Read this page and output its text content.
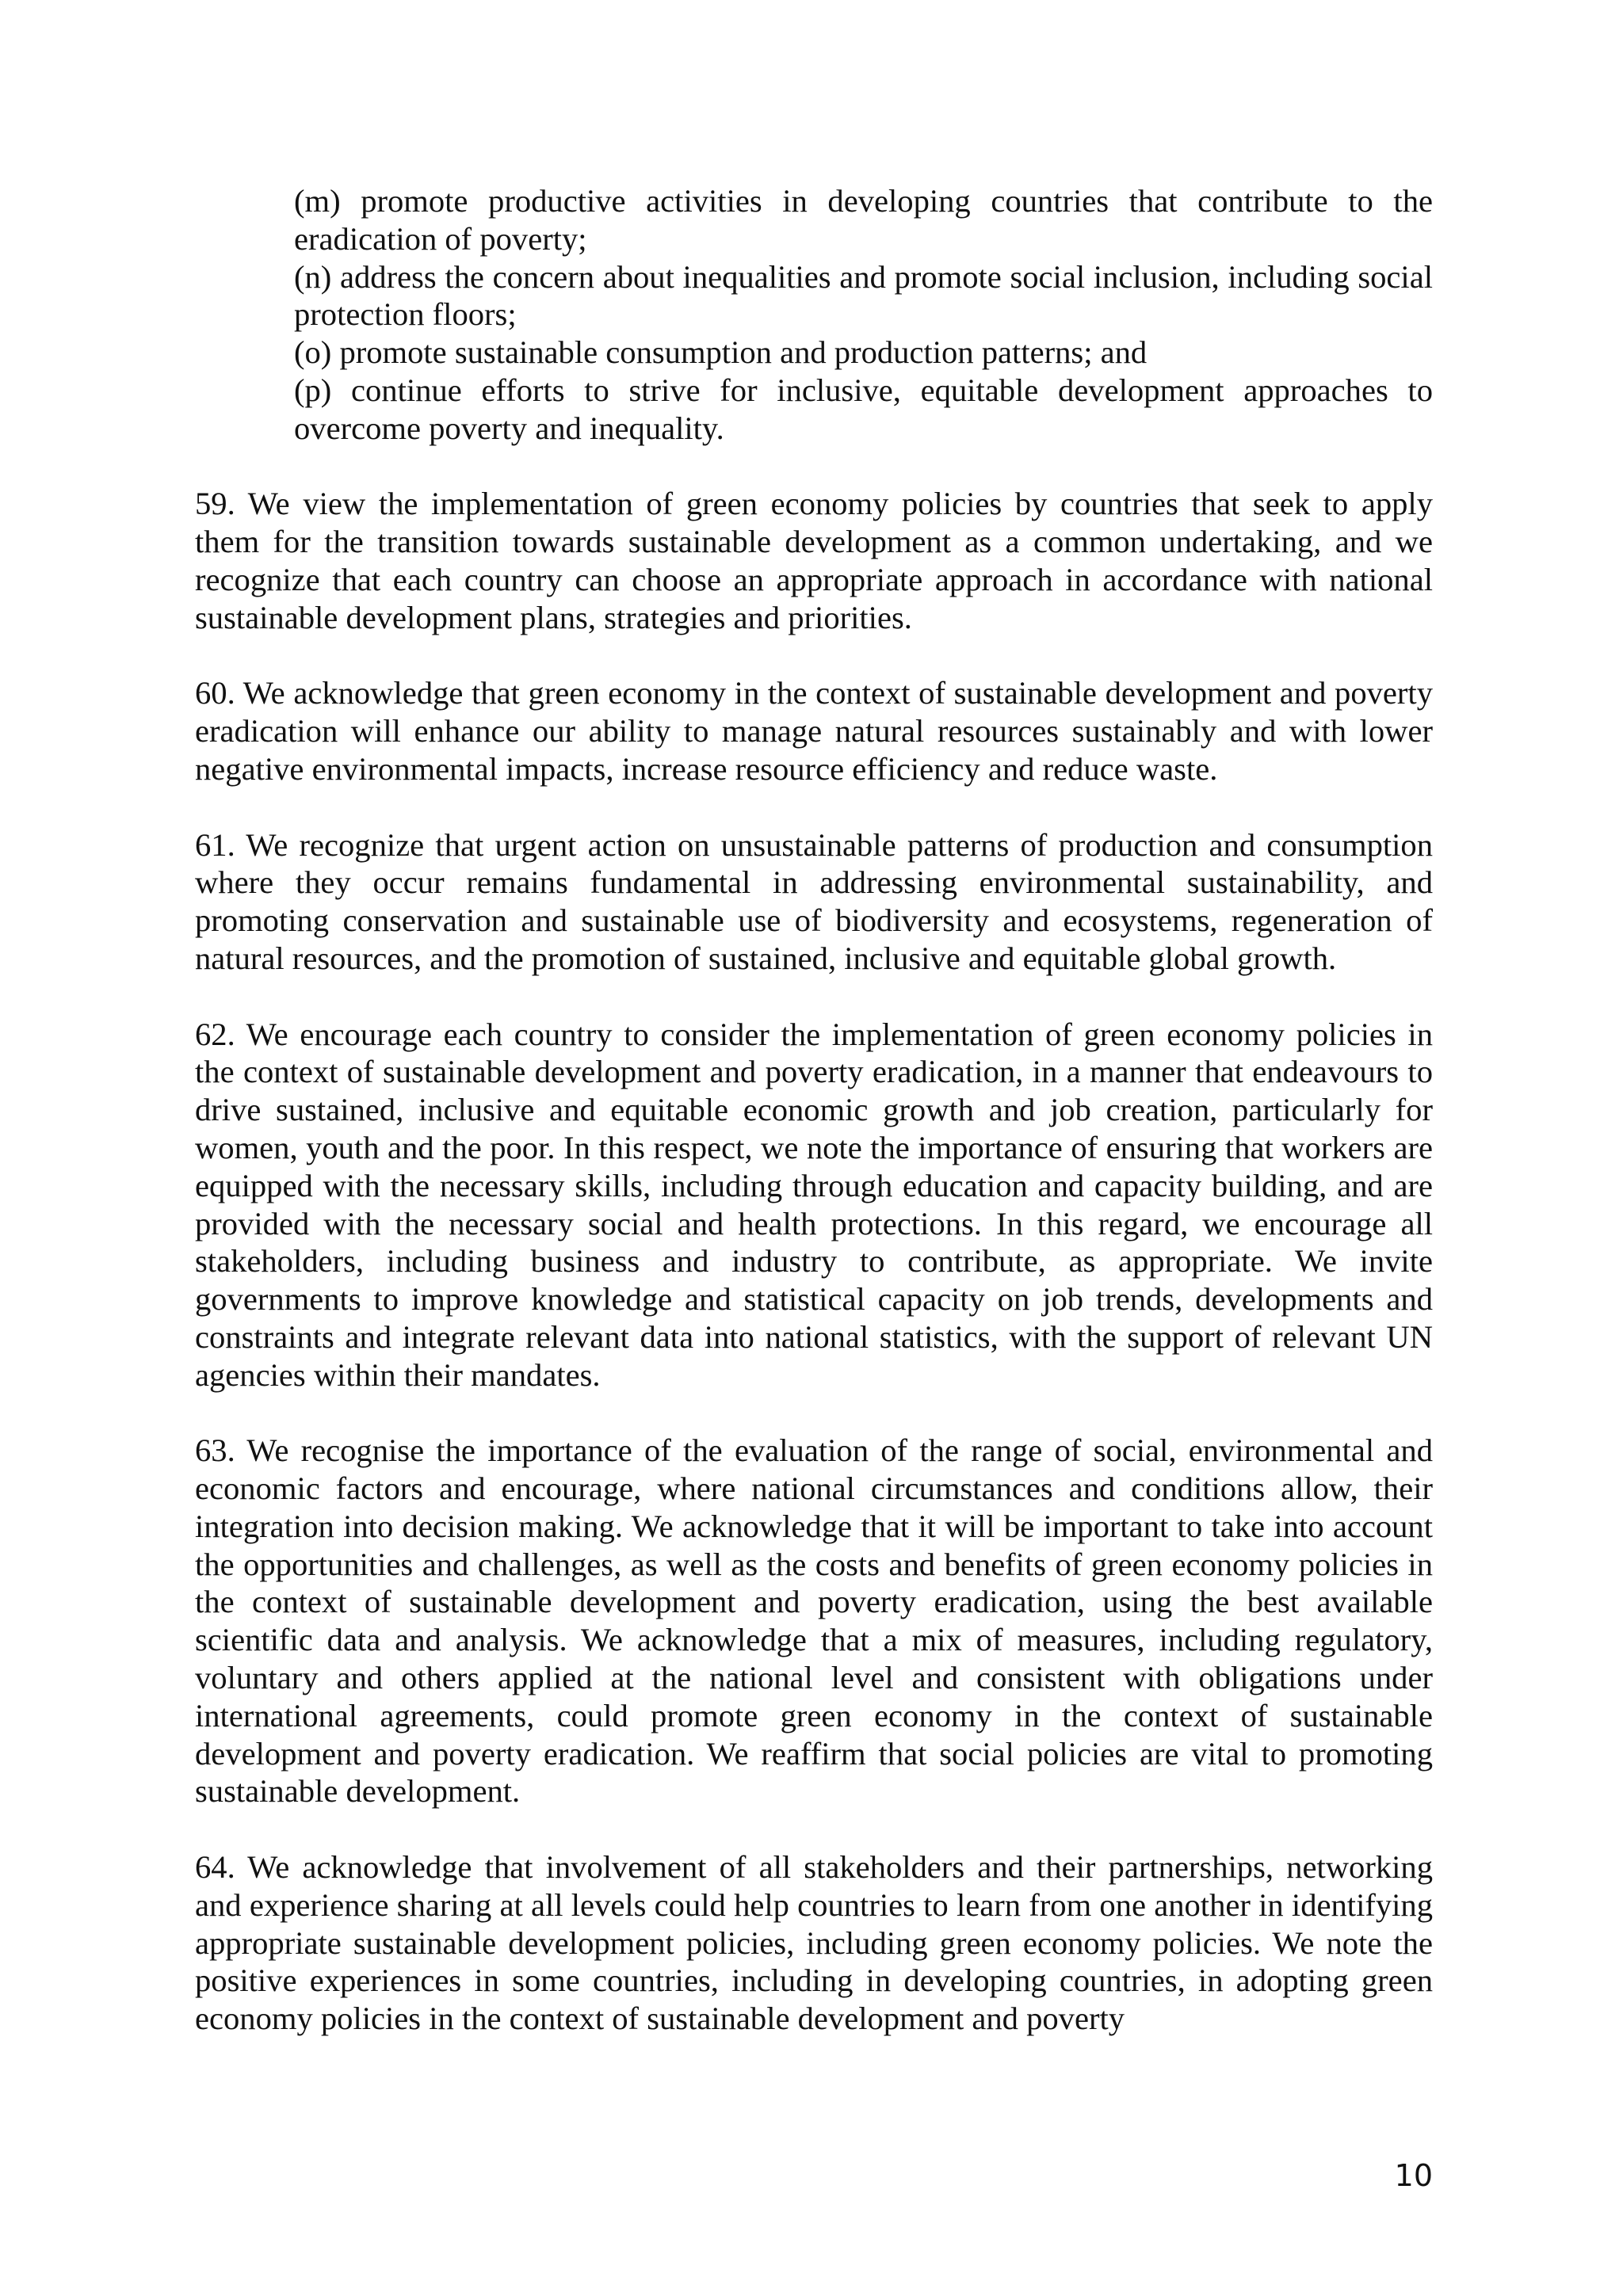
(m) promote productive activities in developing countries that contribute to the eradication of poverty;

(n) address the concern about inequalities and promote social inclusion, including social protection floors;

(o) promote sustainable consumption and production patterns; and

(p) continue efforts to strive for inclusive, equitable development approaches to overcome poverty and inequality.

59. We view the implementation of green economy policies by countries that seek to apply them for the transition towards sustainable development as a common undertaking, and we recognize that each country can choose an appropriate approach in accordance with national sustainable development plans, strategies and priorities.

60. We acknowledge that green economy in the context of sustainable development and poverty eradication will enhance our ability to manage natural resources sustainably and with lower negative environmental impacts, increase resource efficiency and reduce waste.

61. We recognize that urgent action on unsustainable patterns of production and consumption where they occur remains fundamental in addressing environmental sustainability, and promoting conservation and sustainable use of biodiversity and ecosystems, regeneration of natural resources, and the promotion of sustained, inclusive and equitable global growth.

62. We encourage each country to consider the implementation of green economy policies in the context of sustainable development and poverty eradication, in a manner that endeavours to drive sustained, inclusive and equitable economic growth and job creation, particularly for women, youth and the poor. In this respect, we note the importance of ensuring that workers are equipped with the necessary skills, including through education and capacity building, and are provided with the necessary social and health protections. In this regard, we encourage all stakeholders, including business and industry to contribute, as appropriate. We invite governments to improve knowledge and statistical capacity on job trends, developments and constraints and integrate relevant data into national statistics, with the support of relevant UN agencies within their mandates.

63. We recognise the importance of the evaluation of the range of social, environmental and economic factors and encourage, where national circumstances and conditions allow, their integration into decision making. We acknowledge that it will be important to take into account the opportunities and challenges, as well as the costs and benefits of green economy policies in the context of sustainable development and poverty eradication, using the best available scientific data and analysis. We acknowledge that a mix of measures, including regulatory, voluntary and others applied at the national level and consistent with obligations under international agreements, could promote green economy in the context of sustainable development and poverty eradication. We reaffirm that social policies are vital to promoting sustainable development.

64. We acknowledge that involvement of all stakeholders and their partnerships, networking and experience sharing at all levels could help countries to learn from one another in identifying appropriate sustainable development policies, including green economy policies. We note the positive experiences in some countries, including in developing countries, in adopting green economy policies in the context of sustainable development and poverty

10
